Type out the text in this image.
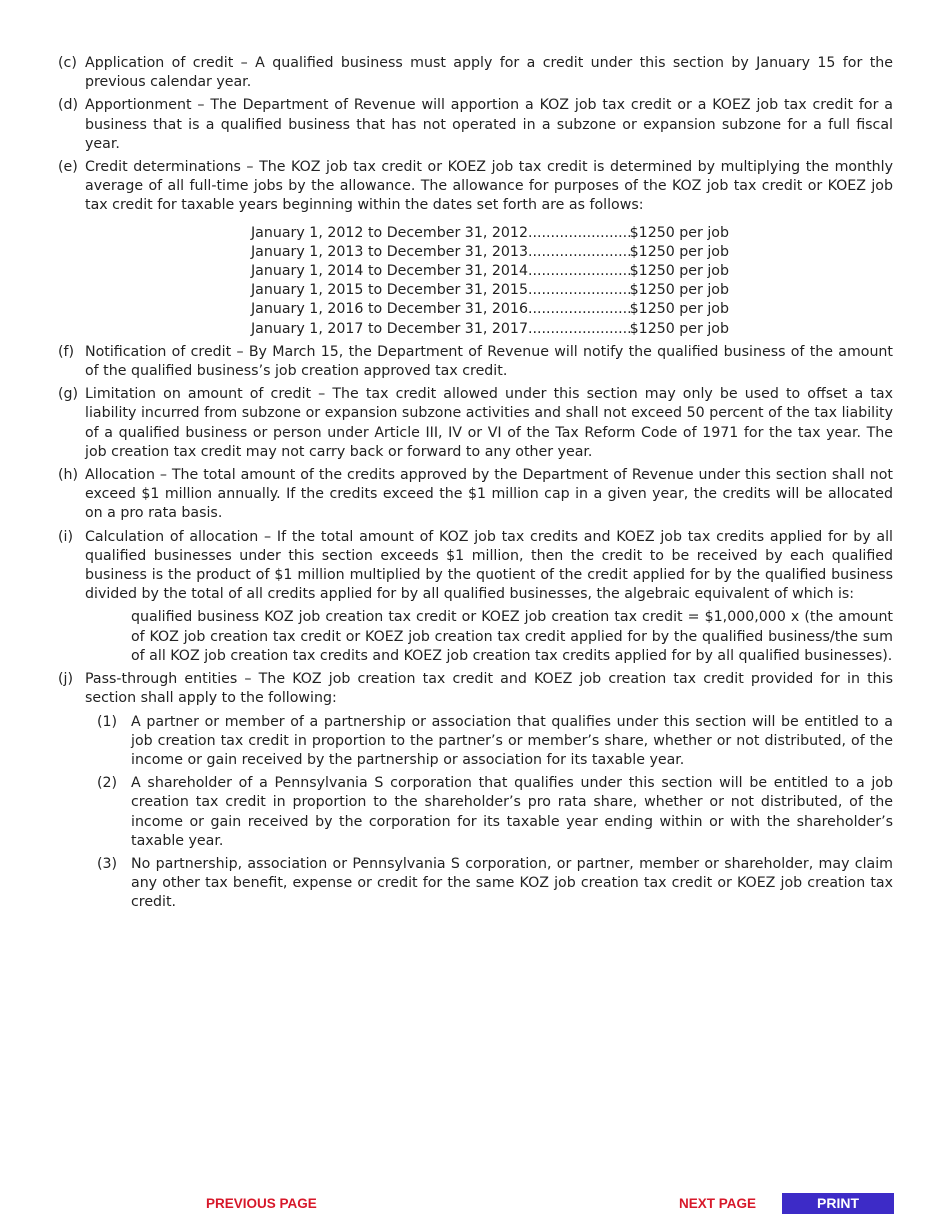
(c) Application of credit – A qualified business must apply for a credit under this section by January 15 for the previous calendar year.
(d) Apportionment – The Department of Revenue will apportion a KOZ job tax credit or a KOEZ job tax credit for a business that is a qualified business that has not operated in a subzone or expansion subzone for a full fiscal year.
(e) Credit determinations – The KOZ job tax credit or KOEZ job tax credit is determined by multiplying the monthly average of all full-time jobs by the allowance. The allowance for purposes of the KOZ job tax credit or KOEZ job tax credit for taxable years beginning within the dates set forth are as follows:
January 1, 2012 to December 31, 2012 .....	$1250 per job
January 1, 2013 to December 31, 2013 .....	$1250 per job
January 1, 2014 to December 31, 2014 .....	$1250 per job
January 1, 2015 to December 31, 2015 .....	$1250 per job
January 1, 2016 to December 31, 2016 .....	$1250 per job
January 1, 2017 to December 31, 2017 .....	$1250 per job
(f) Notification of credit – By March 15, the Department of Revenue will notify the qualified business of the amount of the qualified business’s job creation approved tax credit.
(g) Limitation on amount of credit – The tax credit allowed under this section may only be used to offset a tax liability incurred from subzone or expansion subzone activities and shall not exceed 50 percent of the tax liability of a qualified business or person under Article III, IV or VI of the Tax Reform Code of 1971 for the tax year. The job creation tax credit may not carry back or forward to any other year.
(h) Allocation – The total amount of the credits approved by the Department of Revenue under this section shall not exceed $1 million annually. If the credits exceed the $1 million cap in a given year, the credits will be allocated on a pro rata basis.
(i) Calculation of allocation – If the total amount of KOZ job tax credits and KOEZ job tax credits applied for by all qualified businesses under this section exceeds $1 million, then the credit to be received by each qualified business is the product of $1 million multiplied by the quotient of the credit applied for by the qualified business divided by the total of all credits applied for by all qualified businesses, the algebraic equivalent of which is:
qualified business KOZ job creation tax credit or KOEZ job creation tax credit = $1,000,000 x (the amount of KOZ job creation tax credit or KOEZ job creation tax credit applied for by the qualified business/the sum of all KOZ job creation tax credits and KOEZ job creation tax credits applied for by all qualified businesses).
(j) Pass-through entities – The KOZ job creation tax credit and KOEZ job creation tax credit provided for in this section shall apply to the following:
(1) A partner or member of a partnership or association that qualifies under this section will be entitled to a job creation tax credit in proportion to the partner’s or member’s share, whether or not distributed, of the income or gain received by the partnership or association for its taxable year.
(2) A shareholder of a Pennsylvania S corporation that qualifies under this section will be entitled to a job creation tax credit in proportion to the shareholder’s pro rata share, whether or not distributed, of the income or gain received by the corporation for its taxable year ending within or with the shareholder’s taxable year.
(3) No partnership, association or Pennsylvania S corporation, or partner, member or shareholder, may claim any other tax benefit, expense or credit for the same KOZ job creation tax credit or KOEZ job creation tax credit.
PREVIOUS PAGE	NEXT PAGE	PRINT
